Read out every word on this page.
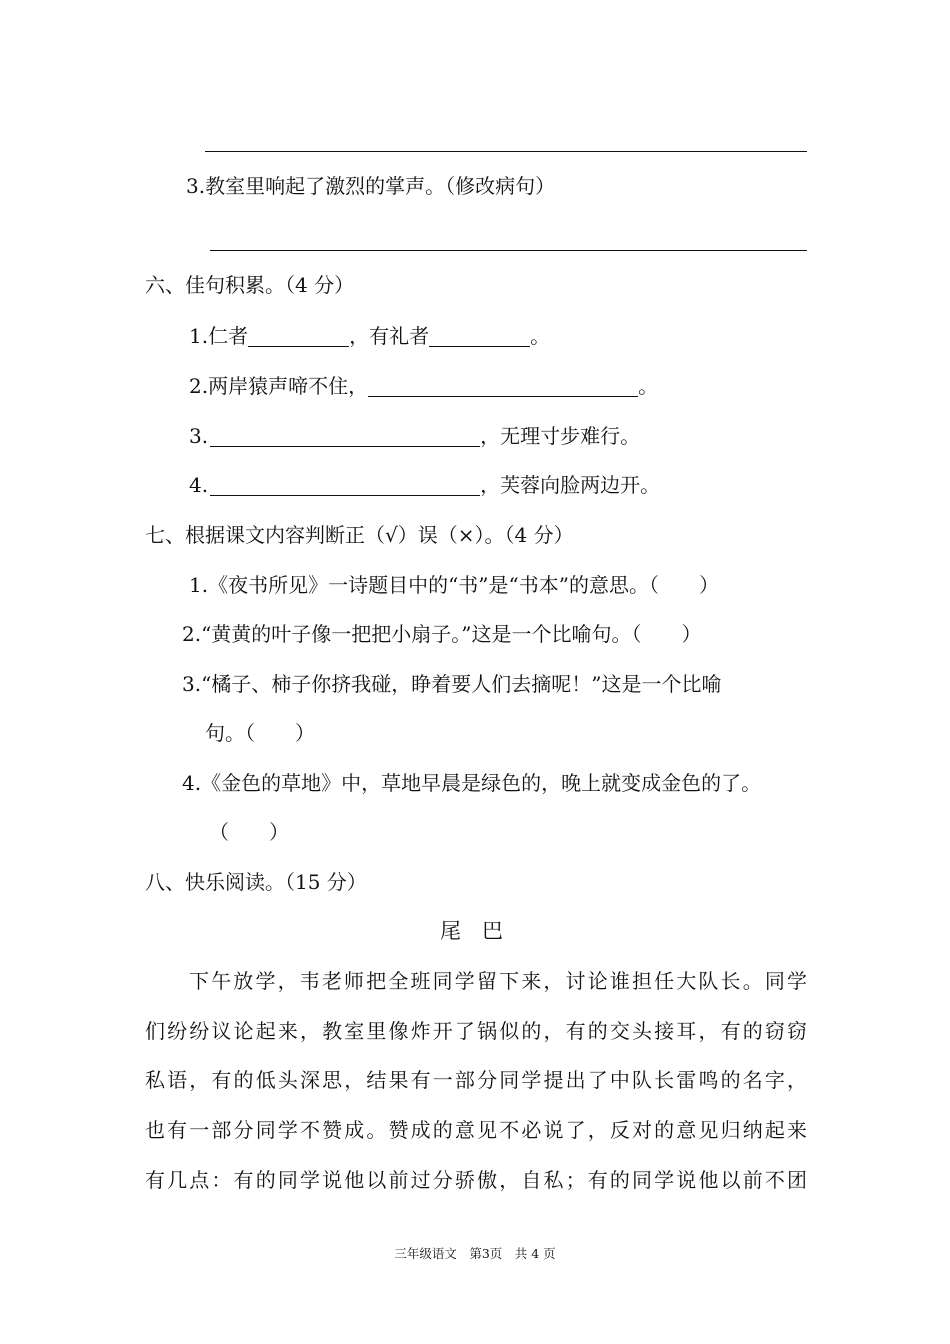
3.教室里响起了激烈的掌声。（修改病句）
六、佳句积累。（4 分）
1.仁者	，有礼者	。
2.两岸猿声啼不住，	。
3.	，无理寸步难行。
4.	，芙蓉向脸两边开。
七、根据课文内容判断正（√）误（×）。（4 分）
1.《夜书所见》一诗题目中的“书”是“书本”的意思。（　　）
2.“黄黄的叶子像一把把小扇子。”这是一个比喻句。（　　）
3.“橘子、柿子你挤我碰，睁着要人们去摘呢！”这是一个比喻
句。（　　）
4.《金色的草地》中，草地早晨是绿色的，晚上就变成金色的了。
（　　）
八、快乐阅读。（15 分）
尾　巴
下午放学，韦老师把全班同学留下来，讨论谁担任大队长。同学
们纷纷议论起来，教室里像炸开了锅似的，有的交头接耳，有的窃窃
私语，有的低头深思，结果有一部分同学提出了中队长雷鸣的名字，
也有一部分同学不赞成。赞成的意见不必说了，反对的意见归纳起来
有几点：有的同学说他以前过分骄傲，自私；有的同学说他以前不团
三年级语文　第3页　共 4 页
